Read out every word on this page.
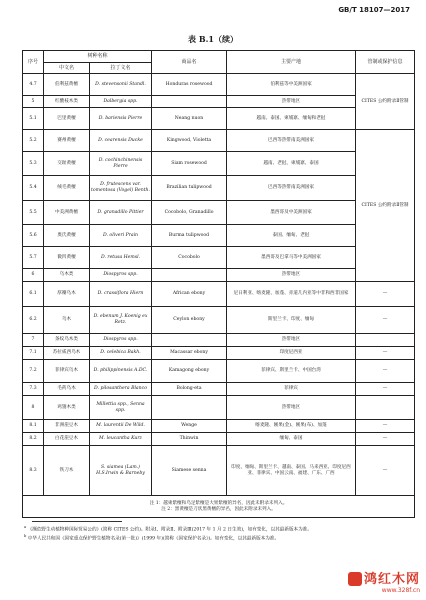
GB/T 18107—2017
表 B.1（续）
序号	树种名称		商品名	主要产地	管制或保护信息
	中文名	拉丁文名			
4.7	伯利兹黄檀	D. stevensonii Standl.	Honduras rosewood	伯利兹等中美洲国家	CITES 公约附录Ⅱ管制
5	红酸枝木类	Dalbergia spp.		热带地区	
5.1	巴里黄檀	D. bariensis Pierre	Neang nuon	越南、泰国、柬埔寨、缅甸和老挝	
5.2	赛州黄檀	D. cearensis Ducke	Kingwood, Violetta	巴西等热带南美洲国家	CITES 公约附录Ⅱ管制
5.3	交趾黄檀	D. cochinchinensis Pierre	Siam rosewood	越南、老挝、柬埔寨、泰国	
5.4	绒毛黄檀	D. frutescens var. tomentosa (Vogel) Benth.	Brazilian tulipwood	巴西等热带南美洲国家	
5.5	中美洲黄檀	D. granadillo Pittier	Cocobolo, Granadillo	墨西哥及中美洲国家	
5.6	奥氏黄檀	D. oliveri Prain	Burma tulipwood	泰国、缅甸、老挝	
5.7	微凹黄檀	D. retusa Hemsl.	Cocobolo	墨西哥及巴拿马等中美洲国家	
6	乌木类	Diospyros spp.		热带地区	
6.1	厚瓣乌木	D. crassiflora Hiern	African ebony	尼日利亚、喀麦隆、加蓬、赤道几内亚等中非和西非国家	—
6.2	乌木	D. ebenum J. Koenig ex Retz.	Ceylon ebony	斯里兰卡、印度、缅甸	—
7	条纹乌木类	Diospyros spp.		热带地区	
7.1	苏拉威西乌木	D. celebica Bakh.	Macassar ebony	印度尼西亚	—
7.2	菲律宾乌木	D. philippinensis A.DC.	Kamagong ebony	菲律宾、斯里兰卡、中国台湾	—
7.3	毛药乌木	D. pilosanthera Blanco	Bolong-eta	菲律宾	—
8	鸡翅木类	Millettia spp., Senna spp.		热带地区	
8.1	非洲崖豆木	M. laurentii De Wild.	Wenge	喀麦隆、刚果(金)、刚果(布)、加蓬	—
8.2	白花崖豆木	M. leucantha Kurz	Thinwin	缅甸、泰国	—
8.3	铁刀木	S. siamea (Lam.) H.S.Irwin & Barneby	Siamese senna	印度、缅甸、斯里兰卡、越南、泰国、马来西亚、印度尼西亚、菲律宾、中国云南、福建、广东、广西	—

注 1：越柬紫檀和乌足紫檀是大果紫檀的异名，因此未附录未列入。
注 2：黑黄檀是刀状黑黄檀的异名，因此未附录未列入。					
$^a$ 《濒危野生动植物种国际贸易公约》(简称 CITES 公约)。附录Ⅰ、附录Ⅱ、附录Ⅲ(2017 年 1 月 2 日生效)，如有变化，以其最新版本为准。
$^b$ 中华人民共和国《国家重点保护野生植物名录(第一批)》(1999 年)(简称《国家保护名录》)。如有变化，以其最新版本为准。
鸿红木网
www.328f.cn
